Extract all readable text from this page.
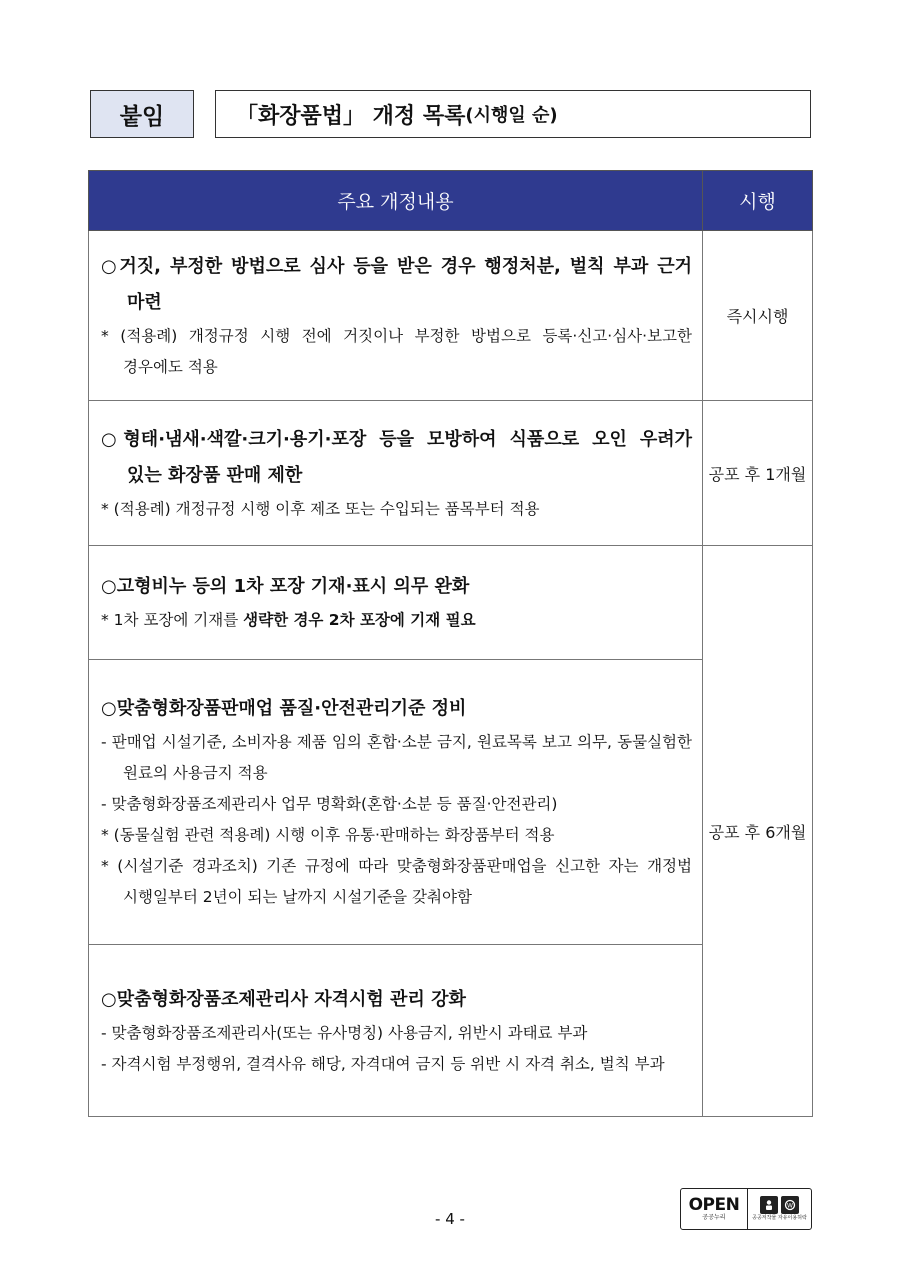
붙임	「화장품법」 개정 목록 (시행일 순)
주요 개정내용	시행

○거짓, 부정한 방법으로 심사 등을 받은 경우 행정처분, 벌칙 부과 근거 마련
* (적용례) 개정규정 시행 전에 거짓이나 부정한 방법으로 등록·신고·심사·보고한 경우에도 적용	즉시시행

○형태·냄새·색깔·크기·용기·포장 등을 모방하여 식품으로 오인 우려가 있는 화장품 판매 제한
* (적용례) 개정규정 시행 이후 제조 또는 수입되는 품목부터 적용	공포 후 1개월

○고형비누 등의 1차 포장 기재·표시 의무 완화
* 1차 포장에 기재를 생략한 경우 2차 포장에 기재 필요	공포 후 6개월

○맞춤형화장품판매업 품질·안전관리기준 정비
- 판매업 시설기준, 소비자용 제품 임의 혼합·소분 금지, 원료목록 보고 의무, 동물실험한 원료의 사용금지 적용
- 맞춤형화장품조제관리사 업무 명확화(혼합·소분 등 품질·안전관리)
* (동물실험 관련 적용례) 시행 이후 유통·판매하는 화장품부터 적용
* (시설기준 경과조치) 기존 규정에 따라 맞춤형화장품판매업을 신고한 자는 개정법 시행일부터 2년이 되는 날까지 시설기준을 갖춰야함	

○맞춤형화장품조제관리사 자격시험 관리 강화
- 맞춤형화장품조제관리사(또는 유사명칭) 사용금지, 위반시 과태료 부과
- 자격시험 부정행위, 결격사유 해당, 자격대여 금지 등 위반 시 자격 취소, 벌칙 부과	
- 4 -
OPEN
공공누리
W
공공저작물 자유이용허락
